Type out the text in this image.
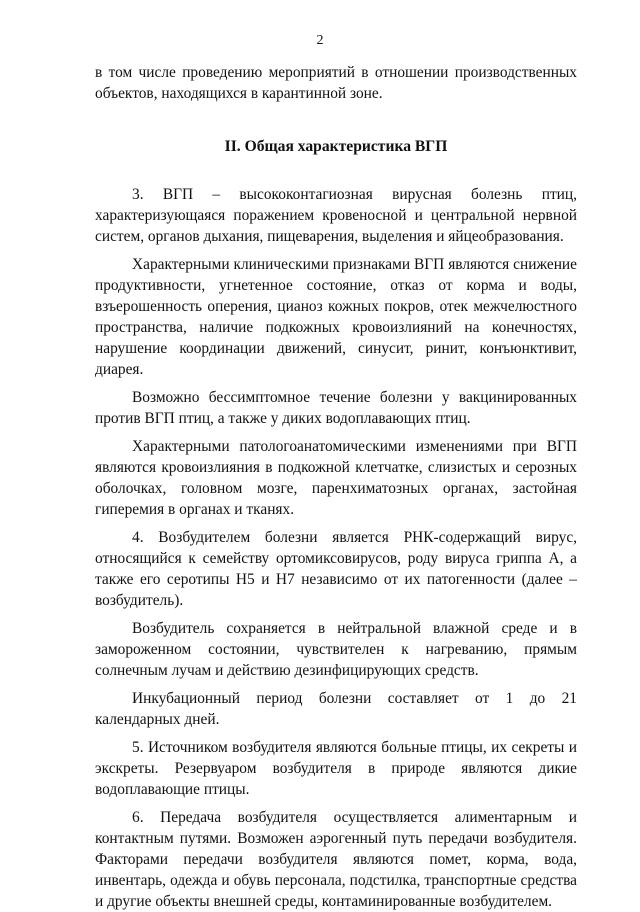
2

в том числе проведению мероприятий в отношении производственных объектов, находящихся в карантинной зоне.

II. Общая характеристика ВГП

3. ВГП – высококонтагиозная вирусная болезнь птиц, характеризующаяся поражением кровеносной и центральной нервной систем, органов дыхания, пищеварения, выделения и яйцеобразования.

Характерными клиническими признаками ВГП являются снижение продуктивности, угнетенное состояние, отказ от корма и воды, взъерошенность оперения, цианоз кожных покров, отек межчелюстного пространства, наличие подкожных кровоизлияний на конечностях, нарушение координации движений, синусит, ринит, конъюнктивит, диарея.

Возможно бессимптомное течение болезни у вакцинированных против ВГП птиц, а также у диких водоплавающих птиц.

Характерными патологоанатомическими изменениями при ВГП являются кровоизлияния в подкожной клетчатке, слизистых и серозных оболочках, головном мозге, паренхиматозных органах, застойная гиперемия в органах и тканях.

4. Возбудителем болезни является РНК-содержащий вирус, относящийся к семейству ортомиксовирусов, роду вируса гриппа А, а также его серотипы Н5 и Н7 независимо от их патогенности (далее – возбудитель).

Возбудитель сохраняется в нейтральной влажной среде и в замороженном состоянии, чувствителен к нагреванию, прямым солнечным лучам и действию дезинфицирующих средств.

Инкубационный период болезни составляет от 1 до 21 календарных дней.

5. Источником возбудителя являются больные птицы, их секреты и экскреты. Резервуаром возбудителя в природе являются дикие водоплавающие птицы.

6. Передача возбудителя осуществляется алиментарным и контактным путями. Возможен аэрогенный путь передачи возбудителя. Факторами передачи возбудителя являются помет, корма, вода, инвентарь, одежда и обувь персонала, подстилка, транспортные средства и другие объекты внешней среды, контаминированные возбудителем.
